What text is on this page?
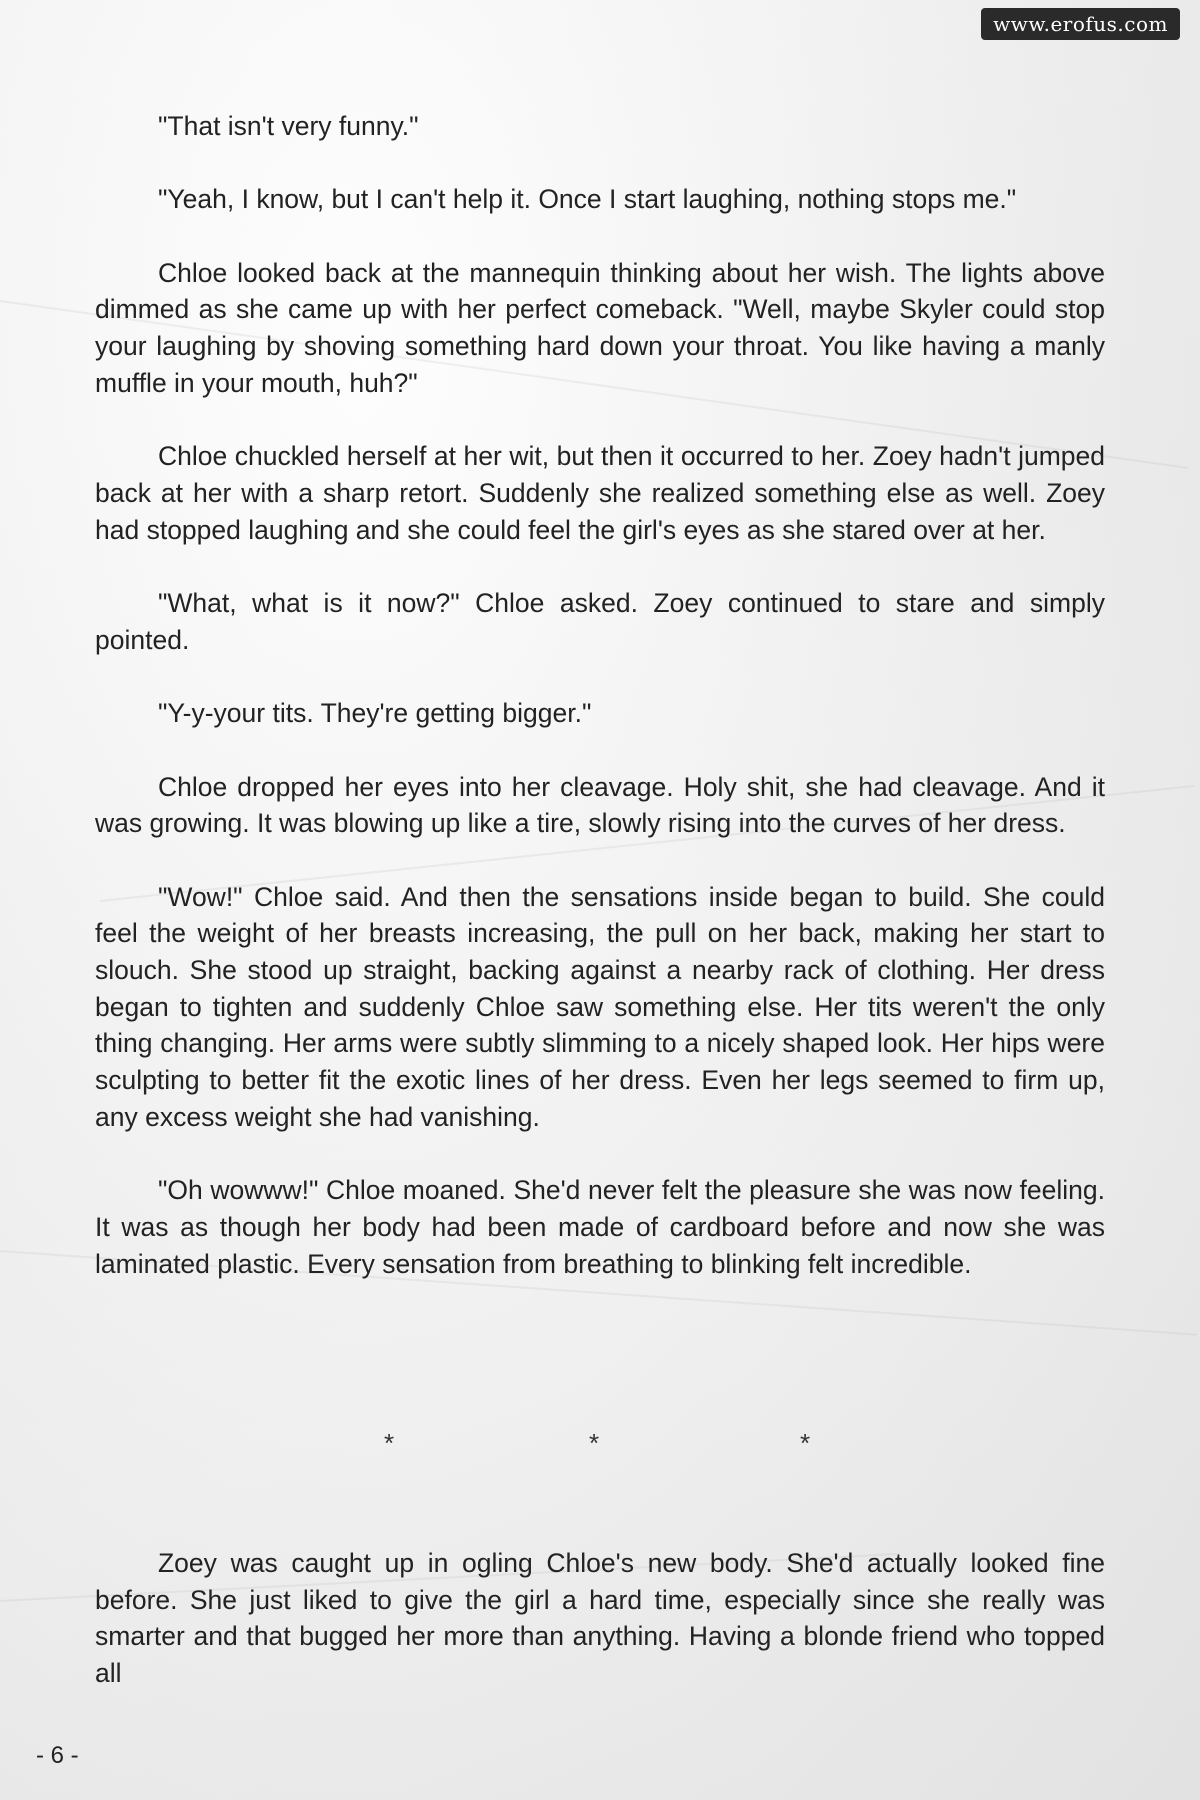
www.erofus.com

"That isn't very funny."

"Yeah, I know, but I can't help it. Once I start laughing, nothing stops me."

Chloe looked back at the mannequin thinking about her wish. The lights above dimmed as she came up with her perfect comeback. "Well, maybe Skyler could stop your laughing by shoving something hard down your throat. You like having a manly muffle in your mouth, huh?"

Chloe chuckled herself at her wit, but then it occurred to her. Zoey hadn't jumped back at her with a sharp retort. Suddenly she realized something else as well. Zoey had stopped laughing and she could feel the girl's eyes as she stared over at her.

"What, what is it now?" Chloe asked. Zoey continued to stare and simply pointed.

"Y-y-your tits. They're getting bigger."

Chloe dropped her eyes into her cleavage. Holy shit, she had cleavage. And it was growing. It was blowing up like a tire, slowly rising into the curves of her dress.

"Wow!" Chloe said. And then the sensations inside began to build. She could feel the weight of her breasts increasing, the pull on her back, making her start to slouch. She stood up straight, backing against a nearby rack of clothing. Her dress began to tighten and suddenly Chloe saw something else. Her tits weren't the only thing changing. Her arms were subtly slimming to a nicely shaped look. Her hips were sculpting to better fit the exotic lines of her dress. Even her legs seemed to firm up, any excess weight she had vanishing.

"Oh wowww!" Chloe moaned. She'd never felt the pleasure she was now feeling. It was as though her body had been made of cardboard before and now she was laminated plastic. Every sensation from breathing to blinking felt incredible.

*	*	*

Zoey was caught up in ogling Chloe's new body. She'd actually looked fine before. She just liked to give the girl a hard time, especially since she really was smarter and that bugged her more than anything. Having a blonde friend who topped all

- 6 -
